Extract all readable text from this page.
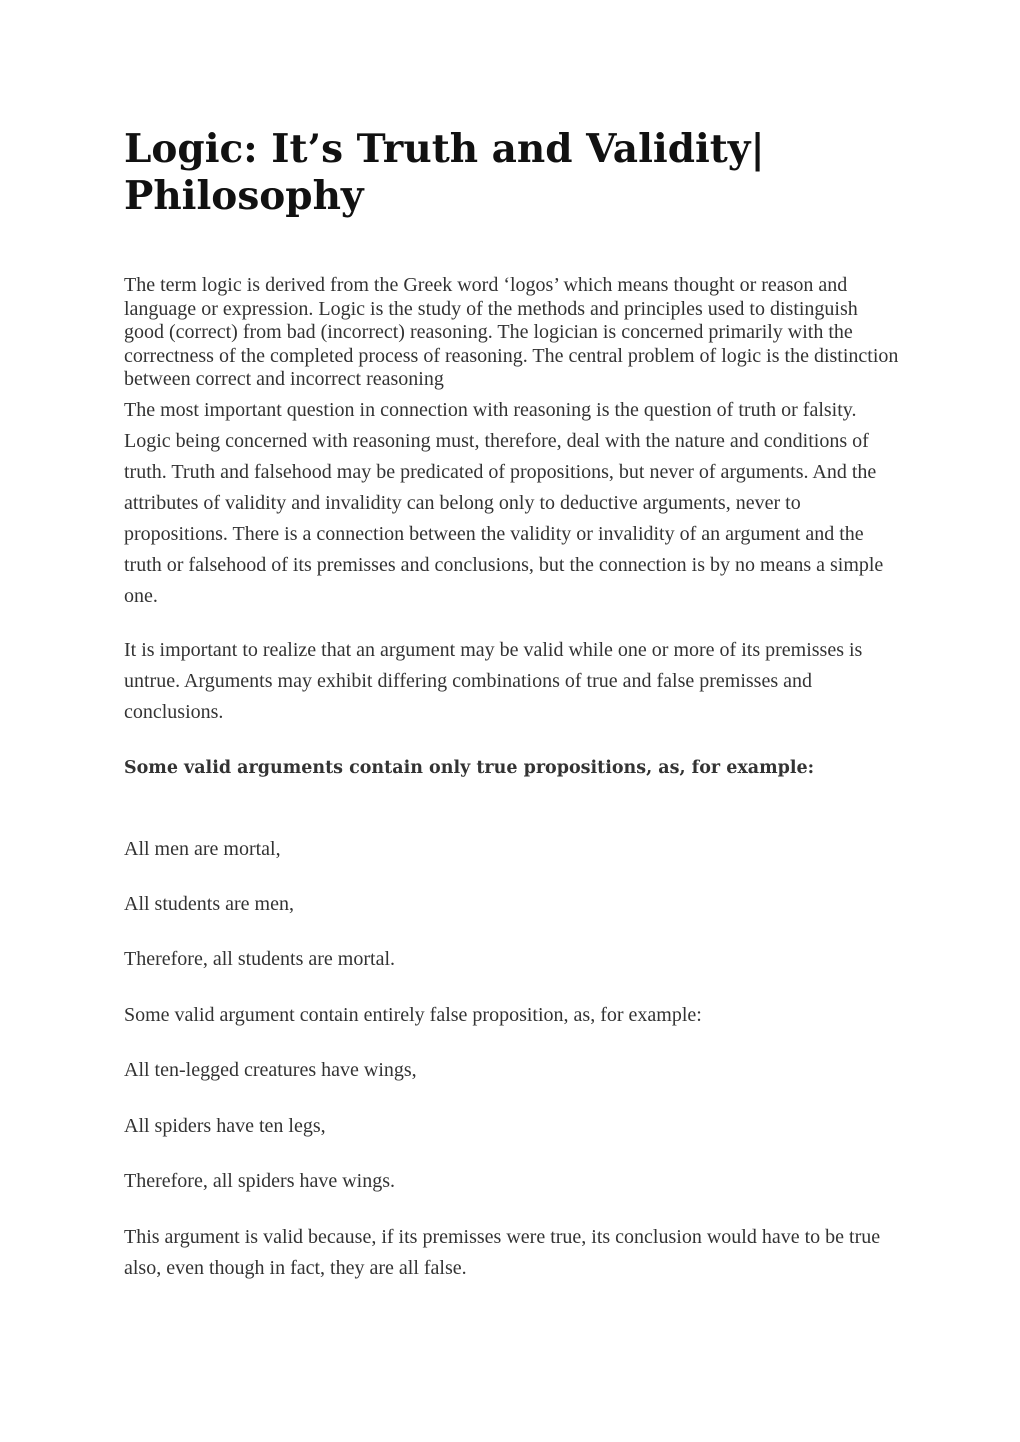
Logic: It’s Truth and Validity| Philosophy

The term logic is derived from the Greek word ‘logos’ which means thought or reason and language or expression. Logic is the study of the methods and principles used to distinguish good (correct) from bad (incorrect) reasoning. The logician is concerned primarily with the correctness of the completed process of reasoning. The central problem of logic is the distinction between correct and incorrect reasoning

The most important question in connection with reasoning is the question of truth or falsity. Logic being concerned with reasoning must, therefore, deal with the nature and conditions of truth. Truth and falsehood may be predicated of propositions, but never of arguments. And the attributes of validity and invalidity can belong only to deductive arguments, never to propositions. There is a connection between the validity or invalidity of an argument and the truth or falsehood of its premisses and conclusions, but the connection is by no means a simple one.

It is important to realize that an argument may be valid while one or more of its premisses is untrue. Arguments may exhibit differing combinations of true and false premisses and conclusions.

Some valid arguments contain only true propositions, as, for example:

All men are mortal,

All students are men,

Therefore, all students are mortal.

Some valid argument contain entirely false proposition, as, for example:

All ten-legged creatures have wings,

All spiders have ten legs,

Therefore, all spiders have wings.

This argument is valid because, if its premisses were true, its conclusion would have to be true also, even though in fact, they are all false.
